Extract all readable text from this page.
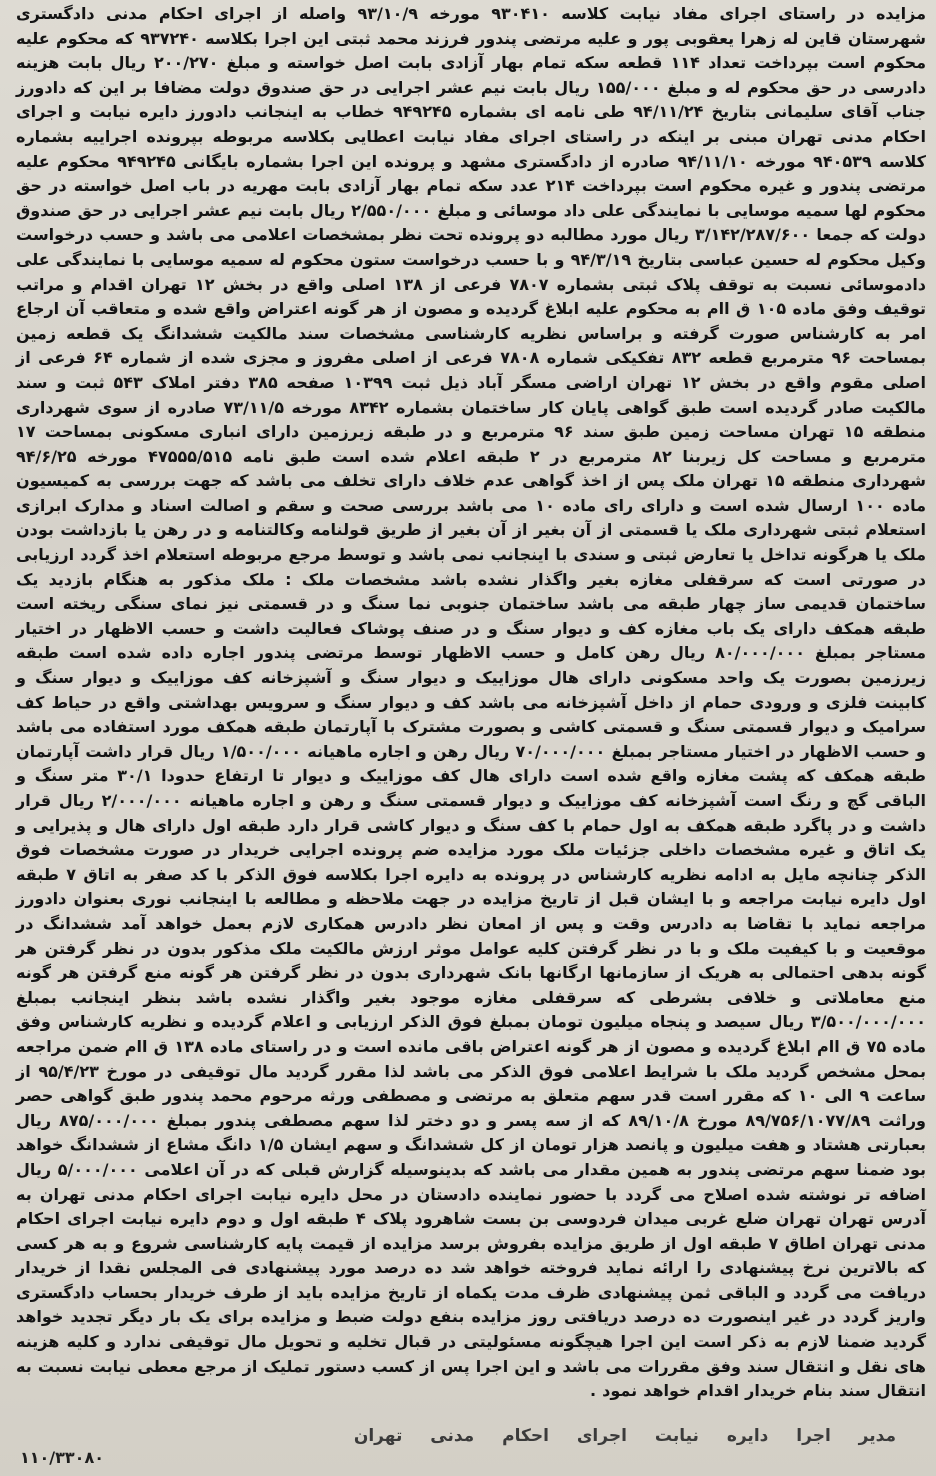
مزایده در راستای اجرای مفاد نیابت کلاسه ۹۳۰۴۱۰ مورخه ۹۳/۱۰/۹ واصله از اجرای احکام مدنی دادگستری شهرستان قاین له زهرا یعقوبی پور و علیه مرتضی پندور فرزند محمد ثبتی این اجرا بکلاسه ۹۳۷۲۴۰ که محکوم علیه محکوم است بپرداخت تعداد ۱۱۴ قطعه سکه تمام بهار آزادی بابت اصل خواسته و مبلغ ۲۰۰/۲۷۰ ریال بابت هزینه دادرسی در حق محکوم له و مبلغ ۱۵۵/۰۰۰ ریال بابت نیم عشر اجرایی در حق صندوق دولت مضافا بر این که دادورز جناب آقای سلیمانی بتاریخ ۹۴/۱۱/۲۴ طی نامه ای بشماره ۹۴۹۲۴۵ خطاب به اینجانب دادورز دایره نیابت و اجرای احکام مدنی تهران مبنی بر اینکه در راستای اجرای مفاد نیابت اعطایی بکلاسه مربوطه بپرونده اجراییه بشماره کلاسه ۹۴۰۵۳۹ مورخه ۹۴/۱۱/۱۰ صادره از دادگستری مشهد و پرونده این اجرا بشماره بایگانی ۹۴۹۲۴۵ محکوم علیه مرتضی پندور و غیره محکوم است بپرداخت ۲۱۴ عدد سکه تمام بهار آزادی بابت مهریه در باب اصل خواسته در حق محکوم لها سمیه موسایی با نمایندگی علی داد موسائی و مبلغ ۲/۵۵۰/۰۰۰ ریال بابت نیم عشر اجرایی در حق صندوق دولت که جمعا ۳/۱۴۲/۲۸۷/۶۰۰ ریال مورد مطالبه دو پرونده تحت نظر بمشخصات اعلامی می باشد و حسب درخواست وکیل محکوم له حسین عباسی بتاریخ ۹۴/۳/۱۹ و با حسب درخواست ستون محکوم له سمیه موسایی با نمایندگی علی دادموسائی نسبت به توقف پلاک ثبتی بشماره ۷۸۰۷ فرعی از ۱۳۸ اصلی واقع در بخش ۱۲ تهران اقدام و مراتب توقیف وفق ماده ۱۰۵ ق اام به محکوم علیه ابلاغ گردیده و مصون از هر گونه اعتراض واقع شده و متعاقب آن ارجاع امر به کارشناس صورت گرفته و براساس نظریه کارشناسی مشخصات سند مالکیت ششدانگ یک قطعه زمین بمساحت ۹۶ مترمربع قطعه ۸۳۲ تفکیکی شماره ۷۸۰۸ فرعی از اصلی مفروز و مجزی شده از شماره ۶۴ فرعی از اصلی مقوم واقع در بخش ۱۲ تهران اراضی مسگر آباد ذیل ثبت ۱۰۳۹۹ صفحه ۳۸۵ دفتر املاک ۵۴۳ ثبت و سند مالکیت صادر گردیده است طبق گواهی پایان کار ساختمان بشماره ۸۳۴۲ مورخه ۷۳/۱۱/۵ صادره از سوی شهرداری منطقه ۱۵ تهران مساحت زمین طبق سند ۹۶ مترمربع و در طبقه زیرزمین دارای انباری مسکونی بمساحت ۱۷ مترمربع و مساحت کل زیربنا ۸۲ مترمربع در ۲ طبقه اعلام شده است طبق نامه ۴۷۵۵۵/۵۱۵ مورخه ۹۴/۶/۲۵ شهرداری منطقه ۱۵ تهران ملک پس از اخذ گواهی عدم خلاف دارای تخلف می باشد که جهت بررسی به کمیسیون ماده ۱۰۰ ارسال شده است و دارای رای ماده ۱۰ می باشد بررسی صحت و سقم و اصالت اسناد و مدارک ابرازی استعلام ثبتی شهرداری ملک یا قسمتی از آن بغیر از آن بغیر از طریق قولنامه وکالتنامه و در رهن یا بازداشت بودن ملک یا هرگونه تداخل یا تعارض ثبتی و سندی با اینجانب نمی باشد و توسط مرجع مربوطه استعلام اخذ گردد ارزیابی در صورتی است که سرقفلی مغازه بغیر واگذار نشده باشد مشخصات ملک : ملک مذکور به هنگام بازدید یک ساختمان قدیمی ساز چهار طبقه می باشد ساختمان جنوبی نما سنگ و در قسمتی نیز نمای سنگی ریخته است طبقه همکف دارای یک باب مغازه کف و دیوار سنگ و در صنف پوشاک فعالیت داشت و حسب الاظهار در اختیار مستاجر بمبلغ ۸۰/۰۰۰/۰۰۰ ریال رهن کامل و حسب الاظهار توسط مرتضی پندور اجاره داده شده است طبقه زیرزمین بصورت یک واحد مسکونی دارای هال موزاییک و دیوار سنگ و آشپزخانه کف موزاییک و دیوار سنگ و کابینت فلزی و ورودی حمام از داخل آشپزخانه می باشد کف و دیوار سنگ و سرویس بهداشتی واقع در حیاط کف سرامیک و دیوار قسمتی سنگ و قسمتی کاشی و بصورت مشترک با آپارتمان طبقه همکف مورد استفاده می باشد و حسب الاظهار در اختیار مستاجر بمبلغ ۷۰/۰۰۰/۰۰۰ ریال رهن و اجاره ماهیانه ۱/۵۰۰/۰۰۰ ریال قرار داشت آپارتمان طبقه همکف که پشت مغازه واقع شده است دارای هال کف موزاییک و دیوار تا ارتفاع حدودا ۳۰/۱ متر سنگ و الباقی گچ و رنگ است آشپزخانه کف موزاییک و دیوار قسمتی سنگ و رهن و اجاره ماهیانه ۲/۰۰۰/۰۰۰ ریال قرار داشت و در پاگرد طبقه همکف به اول حمام با کف سنگ و دیوار کاشی قرار دارد طبقه اول دارای هال و پذیرایی و یک اتاق و غیره مشخصات داخلی جزئیات ملک مورد مزایده ضم پرونده اجرایی خریدار در صورت مشخصات فوق الذکر چنانچه مایل به ادامه نظریه کارشناس در پرونده به دایره اجرا بکلاسه فوق الذکر با کد صفر به اتاق ۷ طبقه اول دایره نیابت مراجعه و با ایشان قبل از تاریخ مزایده در جهت ملاحظه و مطالعه با اینجانب نوری بعنوان دادورز مراجعه نماید با تقاضا به دادرس وقت و پس از امعان نظر دادرس همکاری لازم بعمل خواهد آمد ششدانگ در موقعیت و با کیفیت ملک و با در نظر گرفتن کلیه عوامل موثر ارزش مالکیت ملک مذکور بدون در نظر گرفتن هر گونه بدهی احتمالی به هریک از سازمانها ارگانها بانک شهرداری بدون در نظر گرفتن هر گونه منع گرفتن هر گونه منع معاملاتی و خلافی بشرطی که سرقفلی مغازه موجود بغیر واگذار نشده باشد بنظر اینجانب بمبلغ ۳/۵۰۰/۰۰۰/۰۰۰ ریال سیصد و پنجاه میلیون تومان بمبلغ فوق الذکر ارزیابی و اعلام گردیده و نظریه کارشناس وفق ماده ۷۵ ق اام ابلاغ گردیده و مصون از هر گونه اعتراض باقی مانده است و در راستای ماده ۱۳۸ ق اام ضمن مراجعه بمحل مشخص گردید ملک با شرایط اعلامی فوق الذکر می باشد لذا مقرر گردید مال توقیفی در مورخ ۹۵/۴/۲۳ از ساعت ۹ الی ۱۰ که مقرر است قدر سهم متعلق به مرتضی و مصطفی ورثه مرحوم محمد پندور طبق گواهی حصر وراثت ۸۹/۷۵۶/۱۰۷۷/۸۹ مورخ ۸۹/۱۰/۸ که از سه پسر و دو دختر لذا سهم مصطفی پندور بمبلغ ۸۷۵/۰۰۰/۰۰۰ ریال بعبارتی هشتاد و هفت میلیون و پانصد هزار تومان از کل ششدانگ و سهم ایشان ۱/۵ دانگ مشاع از ششدانگ خواهد بود ضمنا سهم مرتضی پندور به همین مقدار می باشد که بدینوسیله گزارش قبلی که در آن اعلامی ۵/۰۰۰/۰۰۰ ریال اضافه تر نوشته شده اصلاح می گردد با حضور نماینده دادستان در محل دایره نیابت اجرای احکام مدنی تهران به آدرس تهران تهران ضلع غربی میدان فردوسی بن بست شاهرود پلاک ۴ طبقه اول و دوم دایره نیابت اجرای احکام مدنی تهران اطاق ۷ طبقه اول از طریق مزایده بفروش برسد مزایده از قیمت پایه کارشناسی شروع و به هر کسی که بالاترین نرخ پیشنهادی را ارائه نماید فروخته خواهد شد ده درصد مورد پیشنهادی فی المجلس نقدا از خریدار دریافت می گردد و الباقی ثمن پیشنهادی ظرف مدت یکماه از تاریخ مزایده باید از طرف خریدار بحساب دادگستری واریز گردد در غیر اینصورت ده درصد دریافتی روز مزایده بنفع دولت ضبط و مزایده برای یک بار دیگر تجدید خواهد گردید ضمنا لازم به ذکر است این اجرا هیچگونه مسئولیتی در قبال تخلیه و تحویل مال توقیفی ندارد و کلیه هزینه های نقل و انتقال سند وفق مقررات می باشد و این اجرا پس از کسب دستور تملیک از مرجع معطی نیابت نسبت به انتقال سند بنام خریدار اقدام خواهد نمود .

مدیر اجرا دایره نیابت اجرای احکام مدنی تهران
۱۱۰/۳۳۰۸۰
